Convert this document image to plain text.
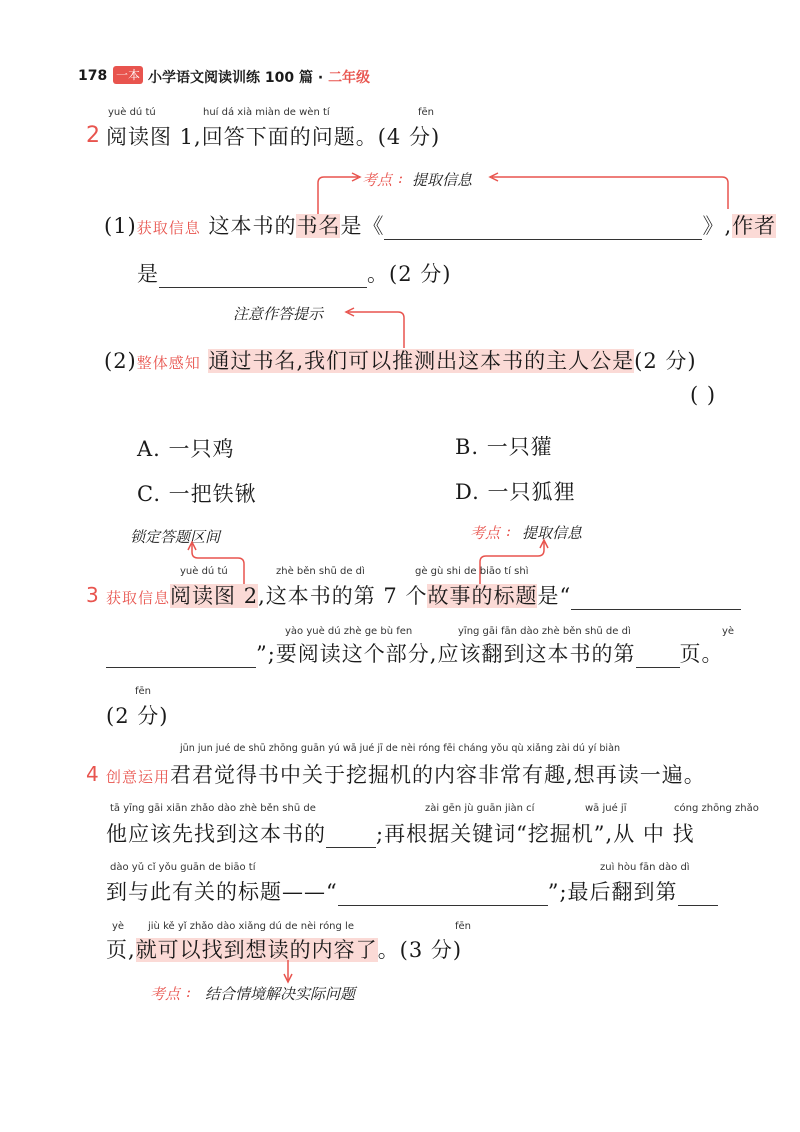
178 一本 小学语文阅读训练 100 篇 · 二年级
yuè dú tú	huí dá xià miàn de wèn tí	fēn
2 阅读图 1,回答下面的问题。(4 分)
考点 : 提取信息
(1)获取信息 这本书的书名是《	》,作者
是	。(2 分)
注意作答提示
(2)整体感知 通过书名,我们可以推测出这本书的主人公是(2 分)
( )
A. 一只鸡	B. 一只獾
C. 一把铁锹	D. 一只狐狸
锁定答题区间	考点 : 提取信息
yuè dú tú	zhè běn shū de dì	gè gù shi de biāo tí shì
3 获取信息阅读图 2,这本书的第 7 个故事的标题是“
yào yuè dú zhè ge bù fen	yīng gāi fān dào zhè běn shū de dì	yè
”;要阅读这个部分,应该翻到这本书的第 页。
fēn
(2 分)
jūn jun jué de shū zhōng guān yú wā jué jī de nèi róng fēi cháng yǒu qù xiǎng zài dú yí biàn
4 创意运用君君觉得书中关于挖掘机的内容非常有趣,想再读一遍。
tā yīng gāi xiān zhǎo dào zhè běn shū de	zài gēn jù guān jiàn cí	wā jué jī	cóng zhōng zhǎo
他应该先找到这本书的 ;再根据关键词“挖掘机”,从 中 找
dào yǔ cǐ yǒu guān de biāo tí	zuì hòu fān dào dì
到与此有关的标题——“	”;最后翻到第
yè jiù kě yǐ zhǎo dào xiǎng dú de nèi róng le	fēn
页,就可以找到想读的内容了。(3 分)
考点 : 结合情境解决实际问题
